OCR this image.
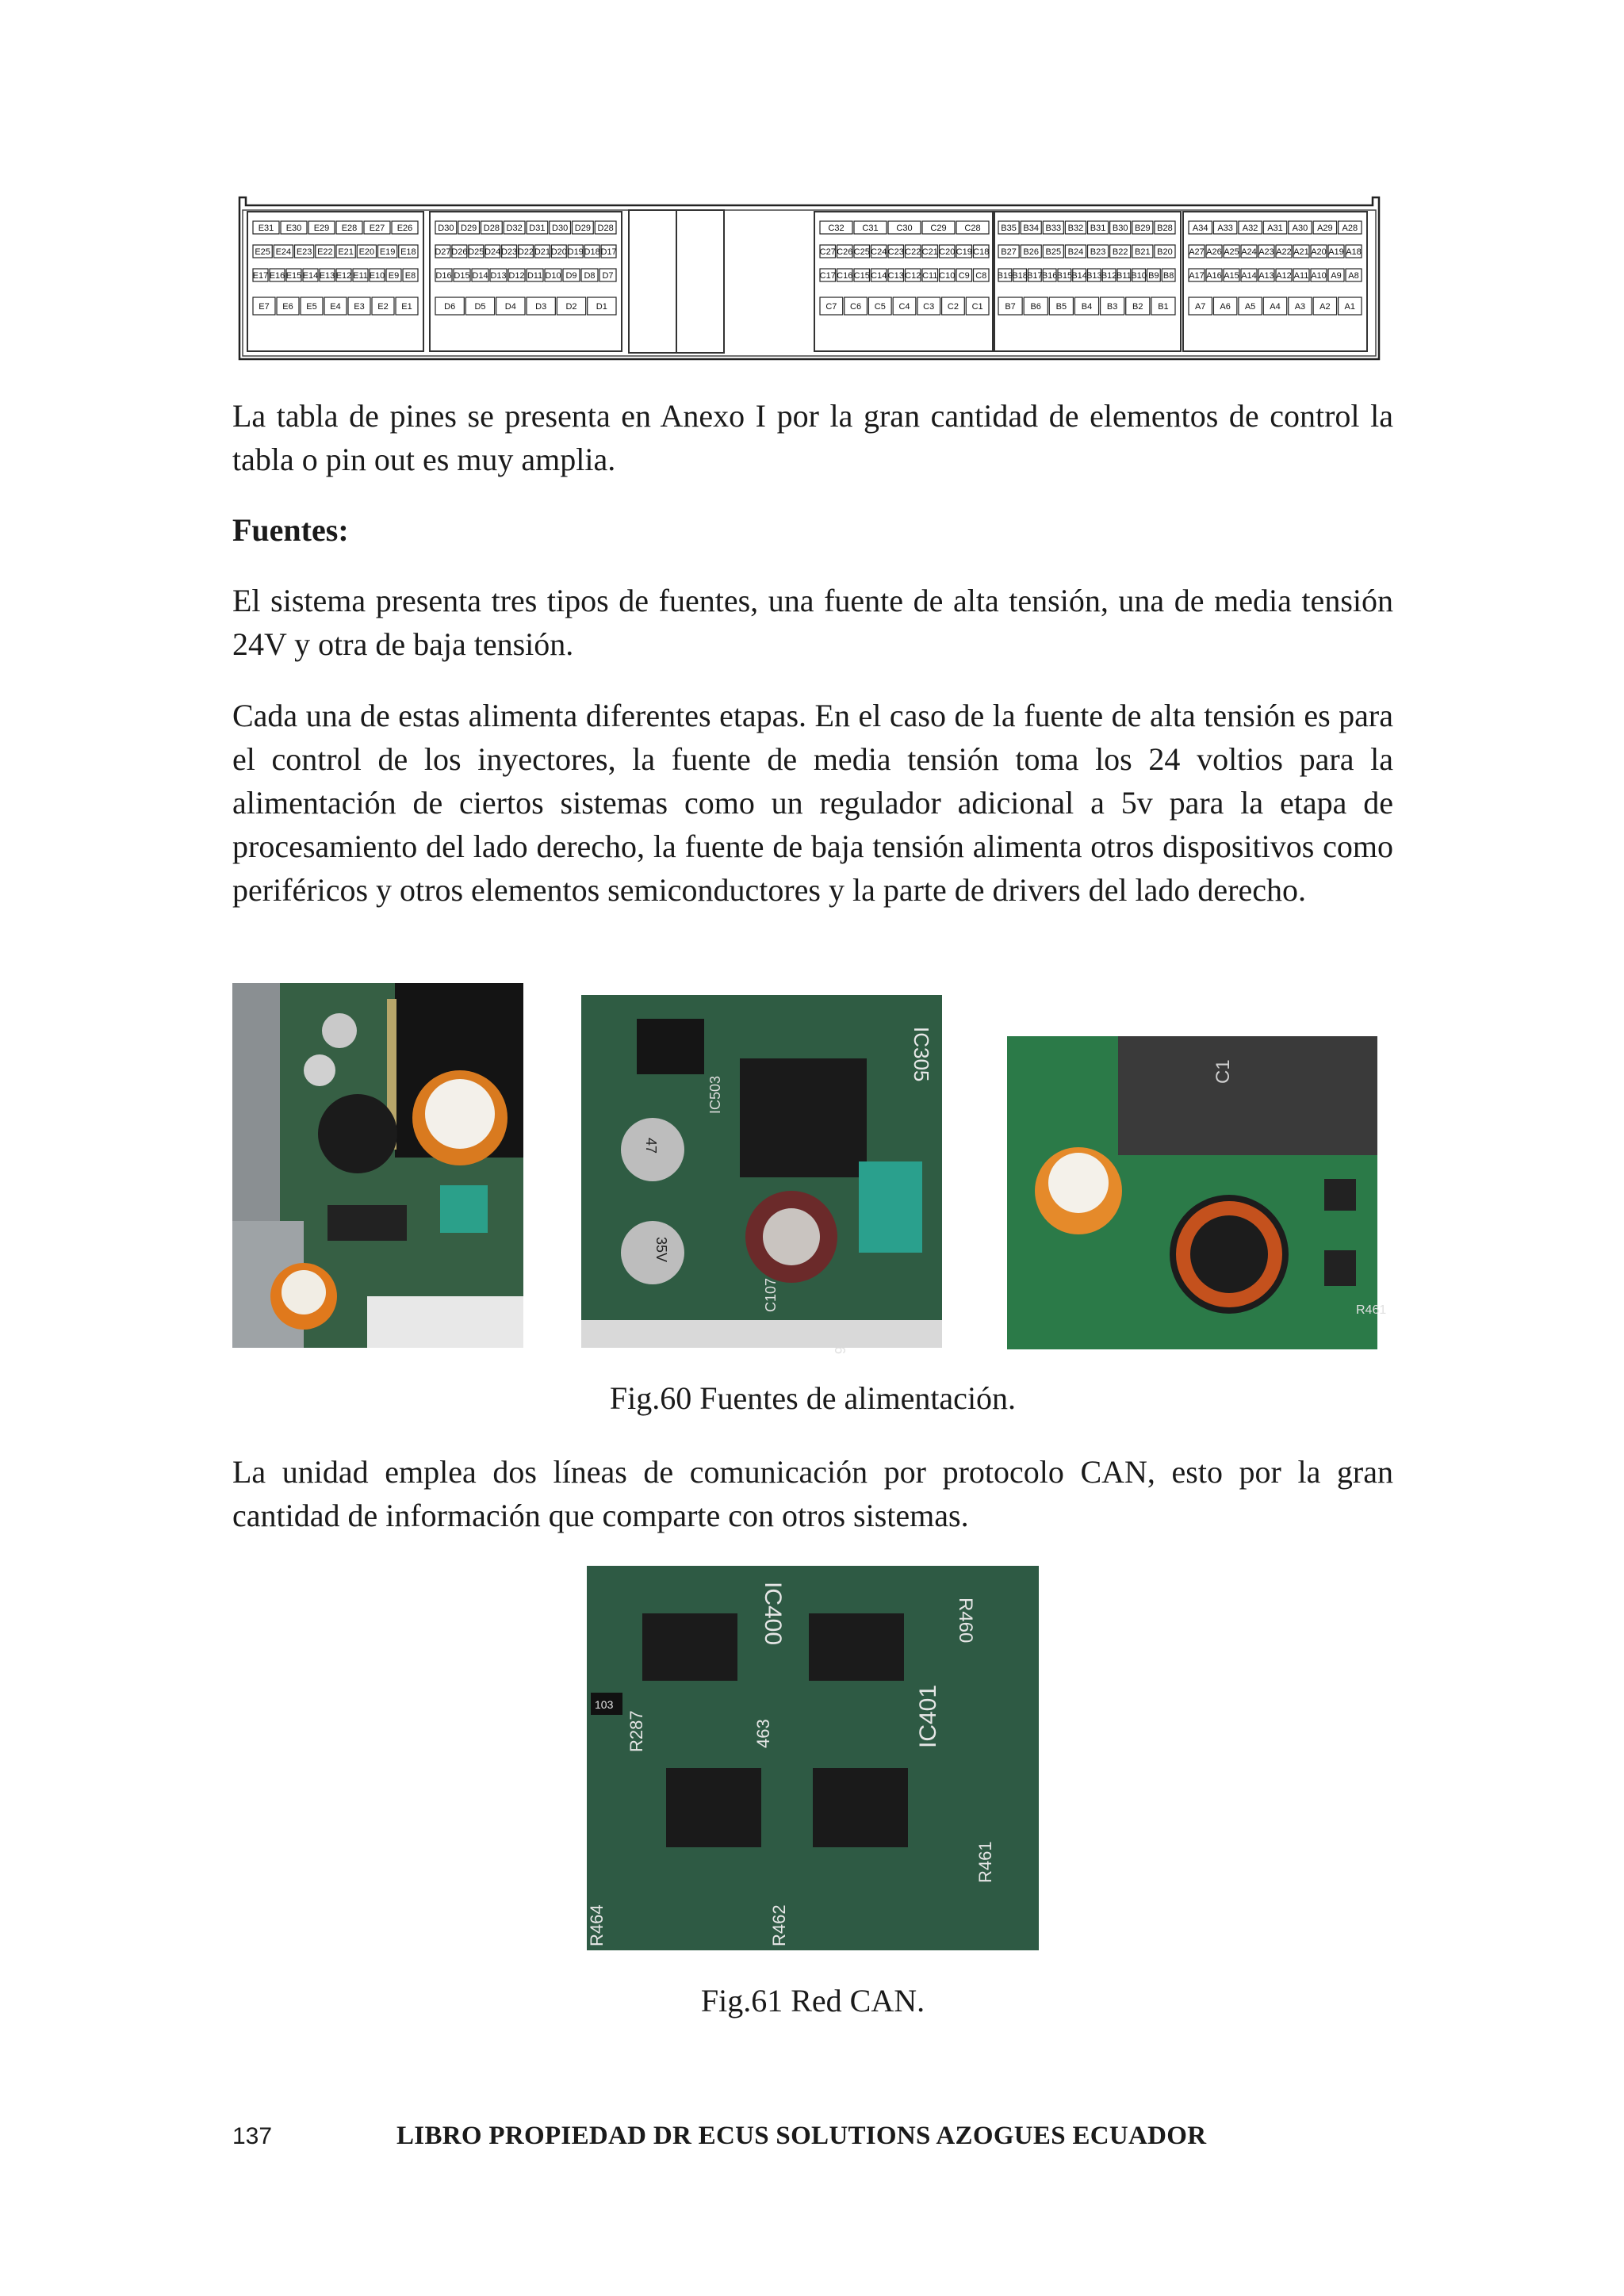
E31 E30 E29 E28 E27 E26
E25 E24 E23 E22 E21 E20 E19 E18
E17 E16 E15 E14 E13 E12 E11 E10 E9 E8
E7 E6 E5 E4 E3 E2 E1
D30 D29 D28 D32 D31 D30 D29 D28
D27 D26 D25 D24 D23 D22 D21 D20 D19 D18 D17
D16 D15 D14 D13 D12 D11 D10 D9 D8 D7
D6 D5 D4 D3 D2 D1
C32 C31 C30 C29 C28
C27 C26 C25 C24 C23 C22 C21 C20 C19 C18
C17 C16 C15 C14 C13 C12 C11 C10 C9 C8
C7 C6 C5 C4 C3 C2 C1
B35 B34 B33 B32 B31 B30 B29 B28
B27 B26 B25 B24 B23 B22 B21 B20
B19 B18 B17 B16 B15 B14 B13 B12 B11 B10 B9 B8
B7 B6 B5 B4 B3 B2 B1
A34 A33 A32 A31 A30 A29 A28
A27 A26 A25 A24 A23 A22 A21 A20 A19 A18
A17 A16 A15 A14 A13 A12 A11 A10 A9 A8
A7 A6 A5 A4 A3 A2 A1

La tabla de pines se presenta en Anexo I por la gran cantidad de elementos de control la tabla o pin out es muy amplia.

Fuentes:

El sistema presenta tres tipos de fuentes, una fuente de alta tensión, una de media tensión 24V y otra de baja tensión.

Cada una de estas alimenta diferentes etapas. En el caso de la fuente de alta tensión es para el control de los inyectores, la fuente de media tensión toma los 24 voltios para la alimentación de ciertos sistemas como un regulador adicional a 5v para la etapa de procesamiento del lado derecho, la fuente de baja tensión alimenta otros dispositivos como periféricos y otros elementos semiconductores y la parte de drivers del lado derecho.

IC305
IC503
47
35V
C107
C1
R461

Fig.60 Fuentes de alimentación.

La unidad emplea dos líneas de comunicación por protocolo CAN, esto por la gran cantidad de información que comparte con otros sistemas.

IC400
IC401
R460
103
R287	463
R461
R464	R462

Fig.61 Red CAN.

137	LIBRO PROPIEDAD DR ECUS SOLUTIONS AZOGUES ECUADOR
